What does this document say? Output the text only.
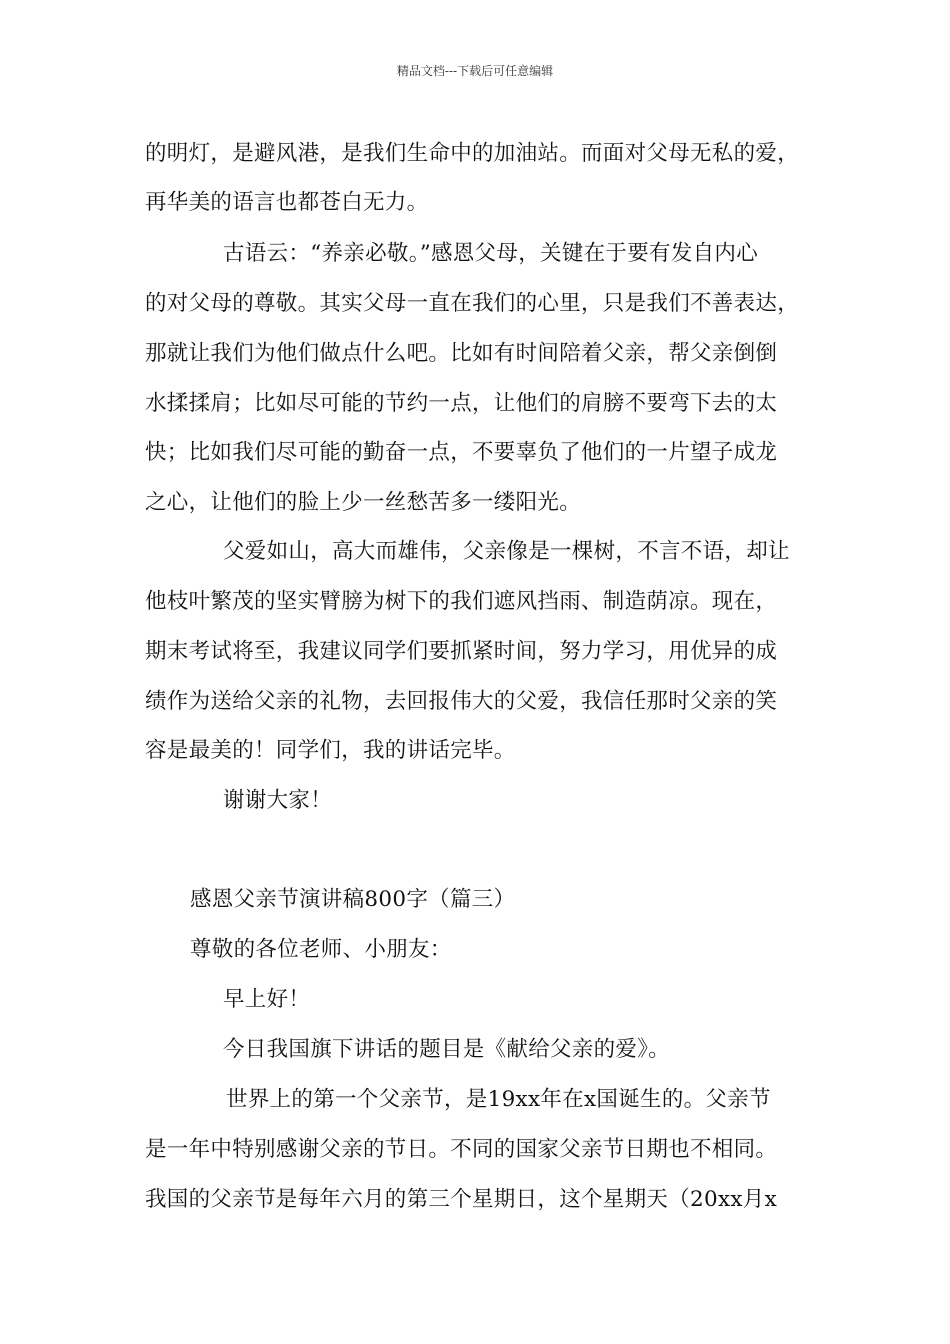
精品文档---下载后可任意编辑
的明灯，是避风港，是我们生命中的加油站。而面对父母无私的爱，
再华美的语言也都苍白无力。
古语云：“养亲必敬。”感恩父母，关键在于要有发自内心
的对父母的尊敬。其实父母一直在我们的心里，只是我们不善表达，
那就让我们为他们做点什么吧。比如有时间陪着父亲，帮父亲倒倒
水揉揉肩；比如尽可能的节约一点，让他们的肩膀不要弯下去的太
快；比如我们尽可能的勤奋一点，不要辜负了他们的一片望子成龙
之心，让他们的脸上少一丝愁苦多一缕阳光。
父爱如山，高大而雄伟，父亲像是一棵树，不言不语，却让
他枝叶繁茂的坚实臂膀为树下的我们遮风挡雨、制造荫凉。现在，
期末考试将至，我建议同学们要抓紧时间，努力学习，用优异的成
绩作为送给父亲的礼物，去回报伟大的父爱，我信任那时父亲的笑
容是最美的！同学们，我的讲话完毕。
谢谢大家！
感恩父亲节演讲稿800字（篇三）
尊敬的各位老师、小朋友：
早上好！
今日我国旗下讲话的题目是《献给父亲的爱》。
世界上的第一个父亲节，是19xx年在x国诞生的。父亲节
是一年中特别感谢父亲的节日。不同的国家父亲节日期也不相同。
我国的父亲节是每年六月的第三个星期日，这个星期天（20xx月x
